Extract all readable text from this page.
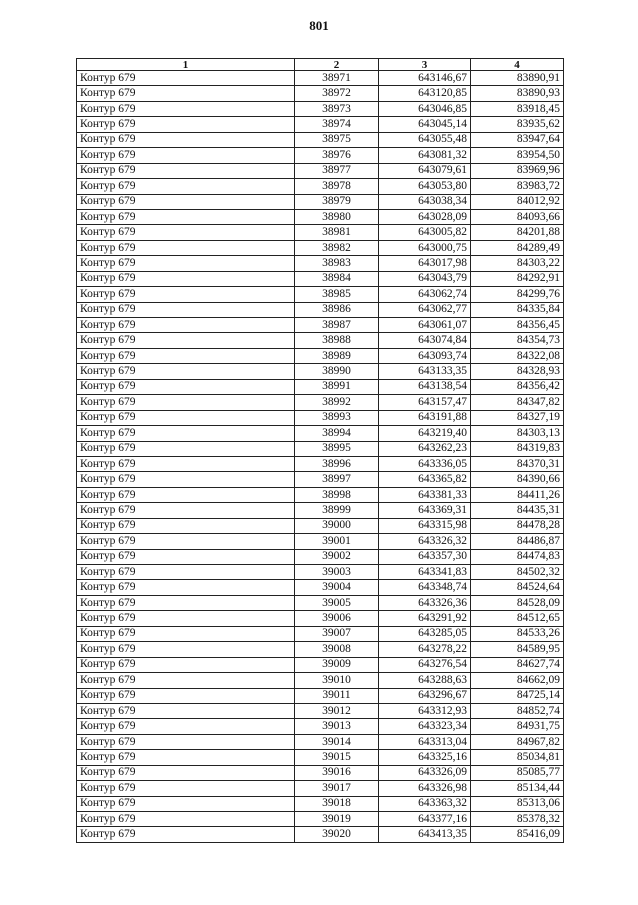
801
1	2	3	4
Контур 679	38971	643146,67	83890,91
Контур 679	38972	643120,85	83890,93
Контур 679	38973	643046,85	83918,45
Контур 679	38974	643045,14	83935,62
Контур 679	38975	643055,48	83947,64
Контур 679	38976	643081,32	83954,50
Контур 679	38977	643079,61	83969,96
Контур 679	38978	643053,80	83983,72
Контур 679	38979	643038,34	84012,92
Контур 679	38980	643028,09	84093,66
Контур 679	38981	643005,82	84201,88
Контур 679	38982	643000,75	84289,49
Контур 679	38983	643017,98	84303,22
Контур 679	38984	643043,79	84292,91
Контур 679	38985	643062,74	84299,76
Контур 679	38986	643062,77	84335,84
Контур 679	38987	643061,07	84356,45
Контур 679	38988	643074,84	84354,73
Контур 679	38989	643093,74	84322,08
Контур 679	38990	643133,35	84328,93
Контур 679	38991	643138,54	84356,42
Контур 679	38992	643157,47	84347,82
Контур 679	38993	643191,88	84327,19
Контур 679	38994	643219,40	84303,13
Контур 679	38995	643262,23	84319,83
Контур 679	38996	643336,05	84370,31
Контур 679	38997	643365,82	84390,66
Контур 679	38998	643381,33	84411,26
Контур 679	38999	643369,31	84435,31
Контур 679	39000	643315,98	84478,28
Контур 679	39001	643326,32	84486,87
Контур 679	39002	643357,30	84474,83
Контур 679	39003	643341,83	84502,32
Контур 679	39004	643348,74	84524,64
Контур 679	39005	643326,36	84528,09
Контур 679	39006	643291,92	84512,65
Контур 679	39007	643285,05	84533,26
Контур 679	39008	643278,22	84589,95
Контур 679	39009	643276,54	84627,74
Контур 679	39010	643288,63	84662,09
Контур 679	39011	643296,67	84725,14
Контур 679	39012	643312,93	84852,74
Контур 679	39013	643323,34	84931,75
Контур 679	39014	643313,04	84967,82
Контур 679	39015	643325,16	85034,81
Контур 679	39016	643326,09	85085,77
Контур 679	39017	643326,98	85134,44
Контур 679	39018	643363,32	85313,06
Контур 679	39019	643377,16	85378,32
Контур 679	39020	643413,35	85416,09
